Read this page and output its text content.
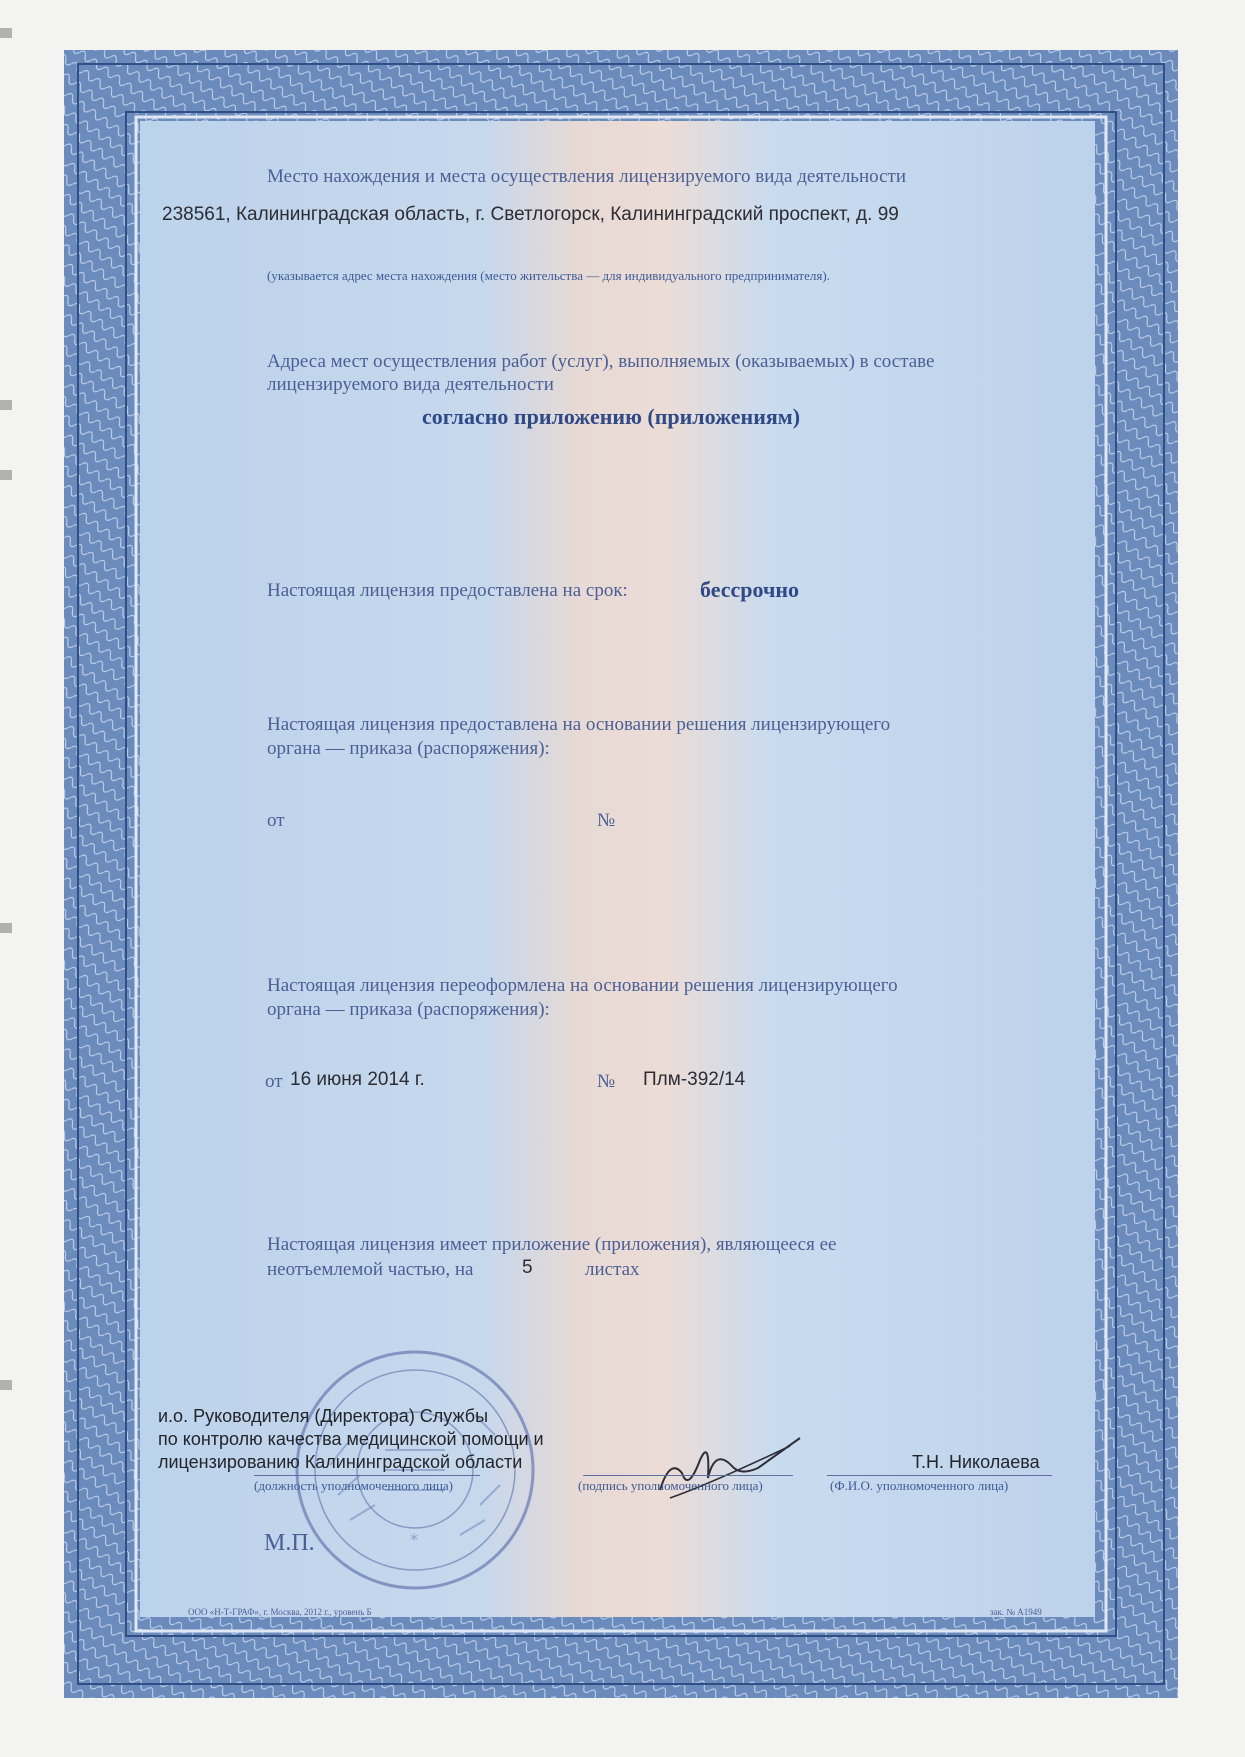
Место нахождения и места осуществления лицензируемого вида деятельности
238561, Калининградская область, г. Светлогорск, Калининградский проспект, д. 99
(указывается адрес места нахождения (место жительства — для индивидуального предпринимателя).
Адреса мест осуществления работ (услуг), выполняемых (оказываемых) в составе
лицензируемого вида деятельности
согласно приложению (приложениям)
Настоящая лицензия предоставлена на срок:	бессрочно
Настоящая лицензия предоставлена на основании решения лицензирующего
органа — приказа (распоряжения):
от	№
Настоящая лицензия переоформлена на основании решения лицензирующего
органа — приказа (распоряжения):
от 16 июня 2014 г.	№ Плм-392/14
Настоящая лицензия имеет приложение (приложения), являющееся ее
неотъемлемой частью, на	5	листах
*
и.о. Руководителя (Директора) Службы
по контролю качества медицинской помощи и
лицензированию Калининградской области	Т.Н. Николаева
(должность уполномоченного лица)	(подпись уполномоченного лица)	(Ф.И.О. уполномоченного лица)
М.П.
ООО «Н-Т-ГРАФ», г. Москва, 2012 г., уровень Б	зак. № А1949
